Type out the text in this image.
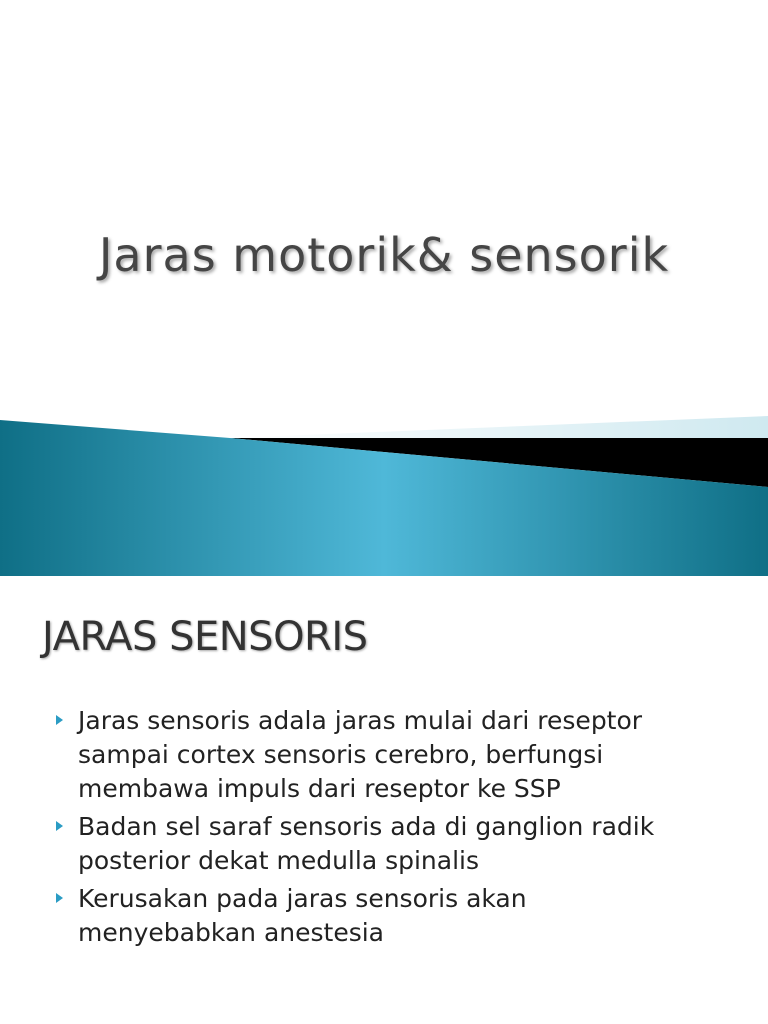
Jaras motorik& sensorik
JARAS SENSORIS
Jaras sensoris adala jaras mulai dari reseptor
sampai cortex sensoris cerebro, berfungsi
membawa impuls dari reseptor ke SSP
Badan sel saraf sensoris ada di ganglion radik
posterior dekat medulla spinalis
Kerusakan pada jaras sensoris akan
menyebabkan anestesia
